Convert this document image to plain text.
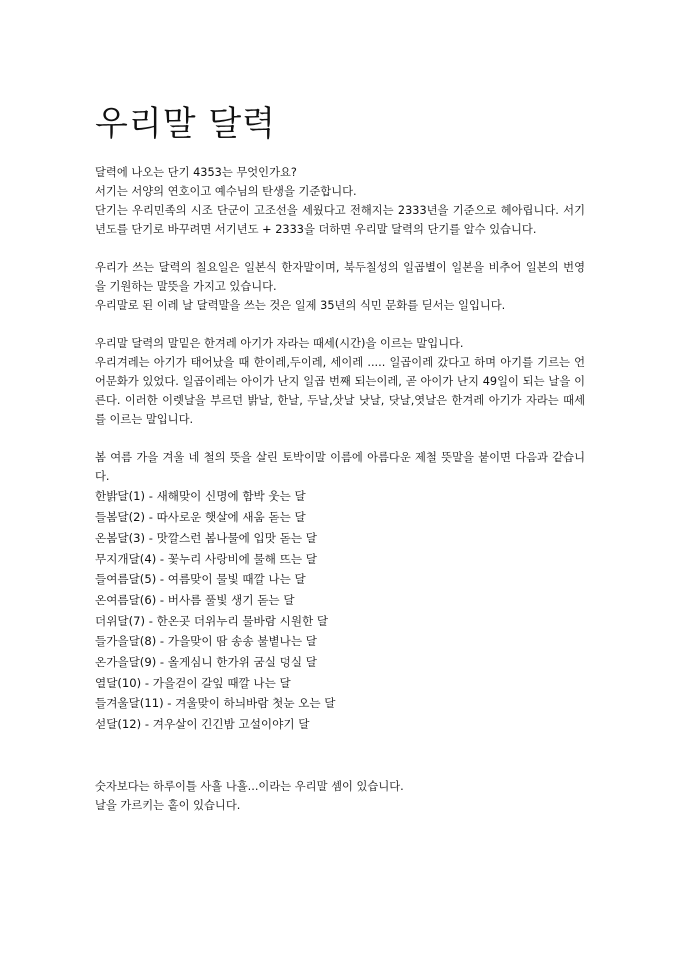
우리말 달력

달력에 나오는 단기 4353는 무엇인가요?

서기는 서양의 연호이고 예수님의 탄생을 기준합니다.

단기는 우리민족의 시조 단군이 고조선을 세웠다고 전해지는 2333년을 기준으로 헤아립니다. 서기년도를 단기로 바꾸려면 서기년도 + 2333을 더하면 우리말 달력의 단기를 알수 있습니다.

우리가 쓰는 달력의 칠요일은 일본식 한자말이며, 북두칠성의 일곱별이 일본을 비추어 일본의 번영을 기원하는 말뜻을 가지고 있습니다.

우리말로 된 이레 날 달력말을 쓰는 것은 일제 35년의 식민 문화를 딛서는 일입니다.

우리말 달력의 말밑은 한겨레 아기가 자라는 때세(시간)을 이르는 말입니다.

우리겨레는 아기가 태어났을 때 한이레,두이레, 세이레 ..... 일곱이레 갔다고 하며 아기를 기르는 언어문화가 있었다. 일곱이레는 아이가 난지 일곱 번째 되는이레, 곧 아이가 난지 49일이 되는 날을 이른다. 이러한 이렛날을 부르던 밝날, 한날, 두날,삿날 낫날, 닷날,엿날은 한겨레 아기가 자라는 때세를 이르는 말입니다.

봄 여름 가을 겨울 네 철의 뜻을 살린 토박이말 이름에 아름다운 제철 뜻말을 붙이면 다음과 같습니다.

한밝달(1) - 새해맞이 신명에 함박 웃는 달
들봄달(2) - 따사로운 햇살에 새움 돋는 달
온봄달(3) - 맛깔스런 봄나물에 입맛 돋는 달
무지개달(4) - 꽃누리 사랑비에 물해 뜨는 달
들여름달(5) - 여름맞이 물빛 때깔 나는 달
온여름달(6) - 버사름 풀빛 생기 돋는 달
더위달(7) - 한온곳 더위누리 물바람 시원한 달
들가을달(8) - 가을맞이 땀 송송 불볕나는 달
온가을달(9) - 올게심니 한가위 굼실 덩실 달
열달(10) - 가을걷이 갈잎 때깔 나는 달
들겨울달(11) - 겨울맞이 하늬바람 첫눈 오는 달
섣달(12) - 겨우살이 긴긴밤 고설이야기 달

숫자보다는 하루이틀 사흘 나흘...이라는 우리말 셈이 있습니다.

날을 가르키는 홑이 있습니다.
